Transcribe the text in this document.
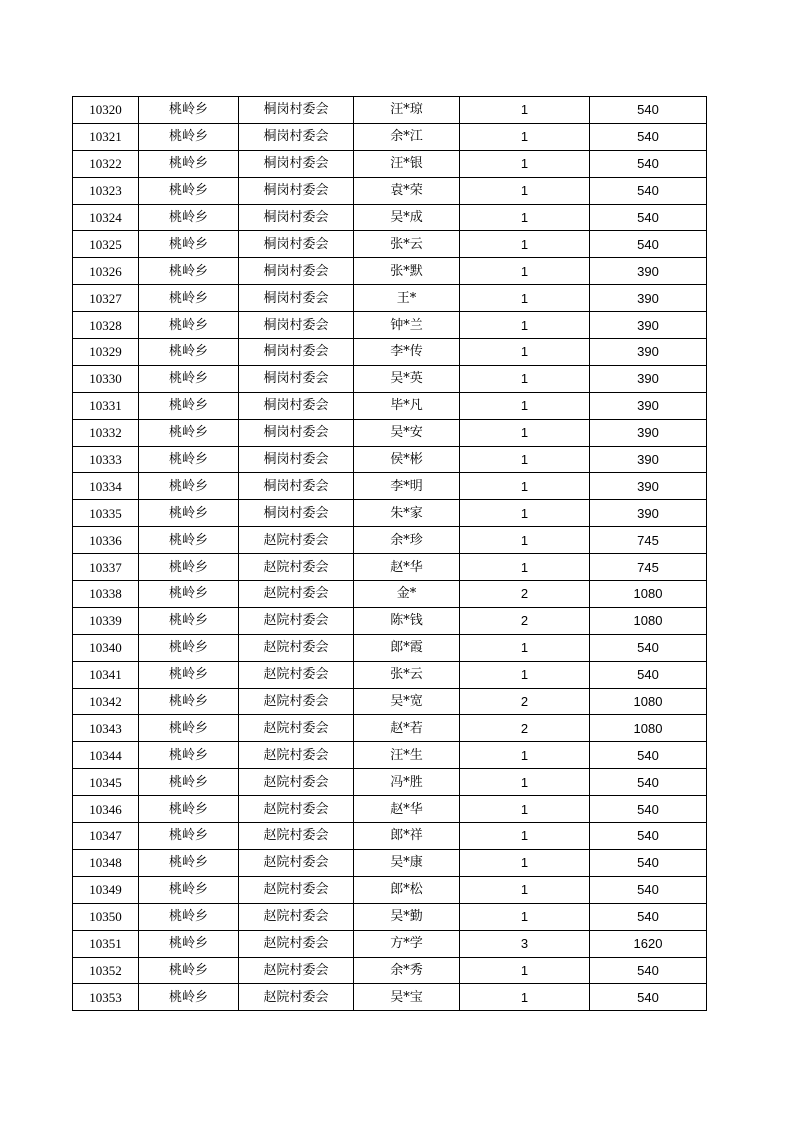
10320	桃岭乡	桐岗村委会	汪*琼	1	540
10321	桃岭乡	桐岗村委会	余*江	1	540
10322	桃岭乡	桐岗村委会	汪*银	1	540
10323	桃岭乡	桐岗村委会	袁*荣	1	540
10324	桃岭乡	桐岗村委会	吴*成	1	540
10325	桃岭乡	桐岗村委会	张*云	1	540
10326	桃岭乡	桐岗村委会	张*默	1	390
10327	桃岭乡	桐岗村委会	王*	1	390
10328	桃岭乡	桐岗村委会	钟*兰	1	390
10329	桃岭乡	桐岗村委会	李*传	1	390
10330	桃岭乡	桐岗村委会	吴*英	1	390
10331	桃岭乡	桐岗村委会	毕*凡	1	390
10332	桃岭乡	桐岗村委会	吴*安	1	390
10333	桃岭乡	桐岗村委会	侯*彬	1	390
10334	桃岭乡	桐岗村委会	李*明	1	390
10335	桃岭乡	桐岗村委会	朱*家	1	390
10336	桃岭乡	赵院村委会	余*珍	1	745
10337	桃岭乡	赵院村委会	赵*华	1	745
10338	桃岭乡	赵院村委会	金*	2	1080
10339	桃岭乡	赵院村委会	陈*钱	2	1080
10340	桃岭乡	赵院村委会	郎*霞	1	540
10341	桃岭乡	赵院村委会	张*云	1	540
10342	桃岭乡	赵院村委会	吴*宽	2	1080
10343	桃岭乡	赵院村委会	赵*若	2	1080
10344	桃岭乡	赵院村委会	汪*生	1	540
10345	桃岭乡	赵院村委会	冯*胜	1	540
10346	桃岭乡	赵院村委会	赵*华	1	540
10347	桃岭乡	赵院村委会	郎*祥	1	540
10348	桃岭乡	赵院村委会	吴*康	1	540
10349	桃岭乡	赵院村委会	郎*松	1	540
10350	桃岭乡	赵院村委会	吴*勤	1	540
10351	桃岭乡	赵院村委会	方*学	3	1620
10352	桃岭乡	赵院村委会	余*秀	1	540
10353	桃岭乡	赵院村委会	吴*宝	1	540
